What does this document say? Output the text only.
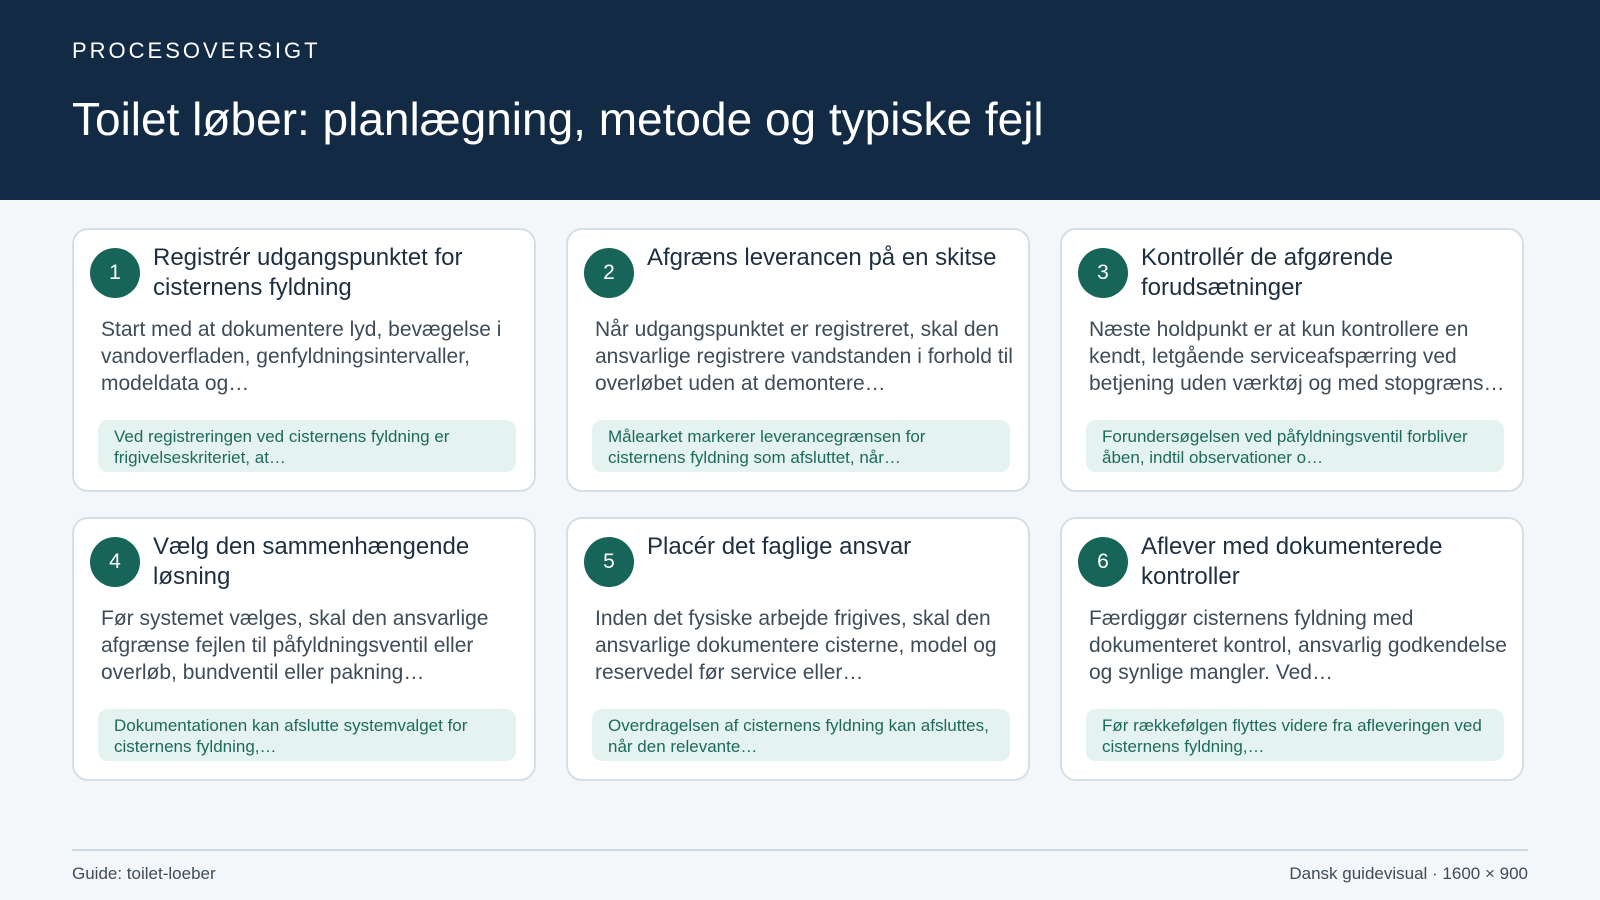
PROCESOVERSIGT
Toilet løber: planlægning, metode og typiske fejl
1
Registrér udgangspunktet for cisternens fyldning
Start med at dokumentere lyd, bevægelse i vandoverfladen, genfyldningsintervaller, modeldata og…
Ved registreringen ved cisternens fyldning er frigivelseskriteriet, at…
2
Afgræns leverancen på en skitse
Når udgangspunktet er registreret, skal den ansvarlige registrere vandstanden i forhold til overløbet uden at demontere…
Målearket markerer leverancegrænsen for cisternens fyldning som afsluttet, når…
3
Kontrollér de afgørende forudsætninger
Næste holdpunkt er at kun kontrollere en kendt, letgående serviceafspærring ved betjening uden værktøj og med stopgræns…
Forundersøgelsen ved påfyldningsventil forbliver åben, indtil observationer o…
4
Vælg den sammenhængende løsning
Før systemet vælges, skal den ansvarlige afgrænse fejlen til påfyldningsventil eller overløb, bundventil eller pakning…
Dokumentationen kan afslutte systemvalget for cisternens fyldning,…
5
Placér det faglige ansvar
Inden det fysiske arbejde frigives, skal den ansvarlige dokumentere cisterne, model og reservedel før service eller…
Overdragelsen af cisternens fyldning kan afsluttes, når den relevante…
6
Aflever med dokumenterede kontroller
Færdiggør cisternens fyldning med dokumenteret kontrol, ansvarlig godkendelse og synlige mangler. Ved…
Før rækkefølgen flyttes videre fra afleveringen ved cisternens fyldning,…
Guide: toilet-loeber	Dansk guidevisual · 1600 × 900
